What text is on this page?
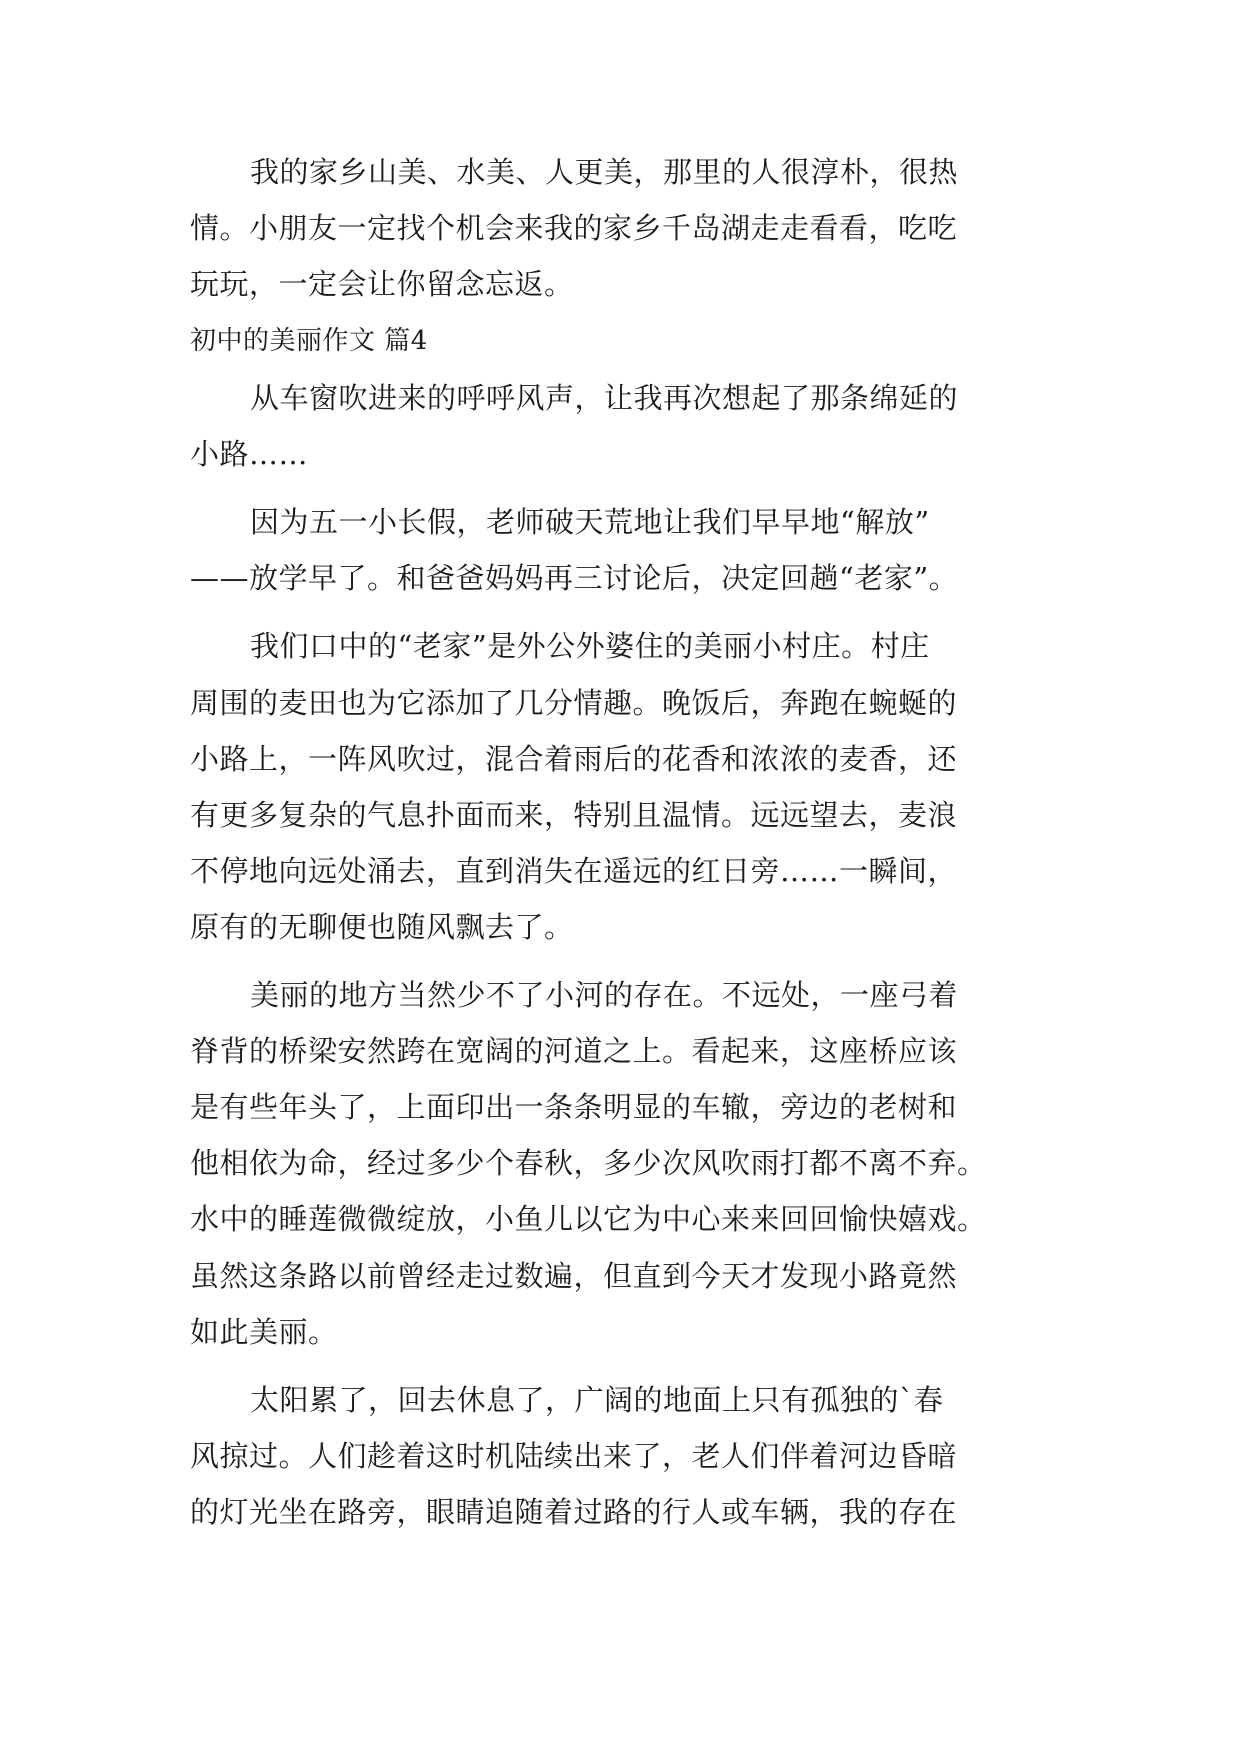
我的家乡山美、水美、人更美，那里的人很淳朴，很热
情。小朋友一定找个机会来我的家乡千岛湖走走看看，吃吃
玩玩，一定会让你留念忘返。
初中的美丽作文 篇4
从车窗吹进来的呼呼风声，让我再次想起了那条绵延的
小路……
因为五一小长假，老师破天荒地让我们早早地“解放”
——放学早了。和爸爸妈妈再三讨论后，决定回趟“老家”。
我们口中的“老家”是外公外婆住的美丽小村庄。村庄
周围的麦田也为它添加了几分情趣。晚饭后，奔跑在蜿蜒的
小路上，一阵风吹过，混合着雨后的花香和浓浓的麦香，还
有更多复杂的气息扑面而来，特别且温情。远远望去，麦浪
不停地向远处涌去，直到消失在遥远的红日旁……一瞬间，
原有的无聊便也随风飘去了。
美丽的地方当然少不了小河的存在。不远处，一座弓着
脊背的桥梁安然跨在宽阔的河道之上。看起来，这座桥应该
是有些年头了，上面印出一条条明显的车辙，旁边的老树和
他相依为命，经过多少个春秋，多少次风吹雨打都不离不弃。
水中的睡莲微微绽放，小鱼儿以它为中心来来回回愉快嬉戏。
虽然这条路以前曾经走过数遍，但直到今天才发现小路竟然
如此美丽。
太阳累了，回去休息了，广阔的地面上只有孤独的`春
风掠过。人们趁着这时机陆续出来了，老人们伴着河边昏暗
的灯光坐在路旁，眼睛追随着过路的行人或车辆，我的存在
